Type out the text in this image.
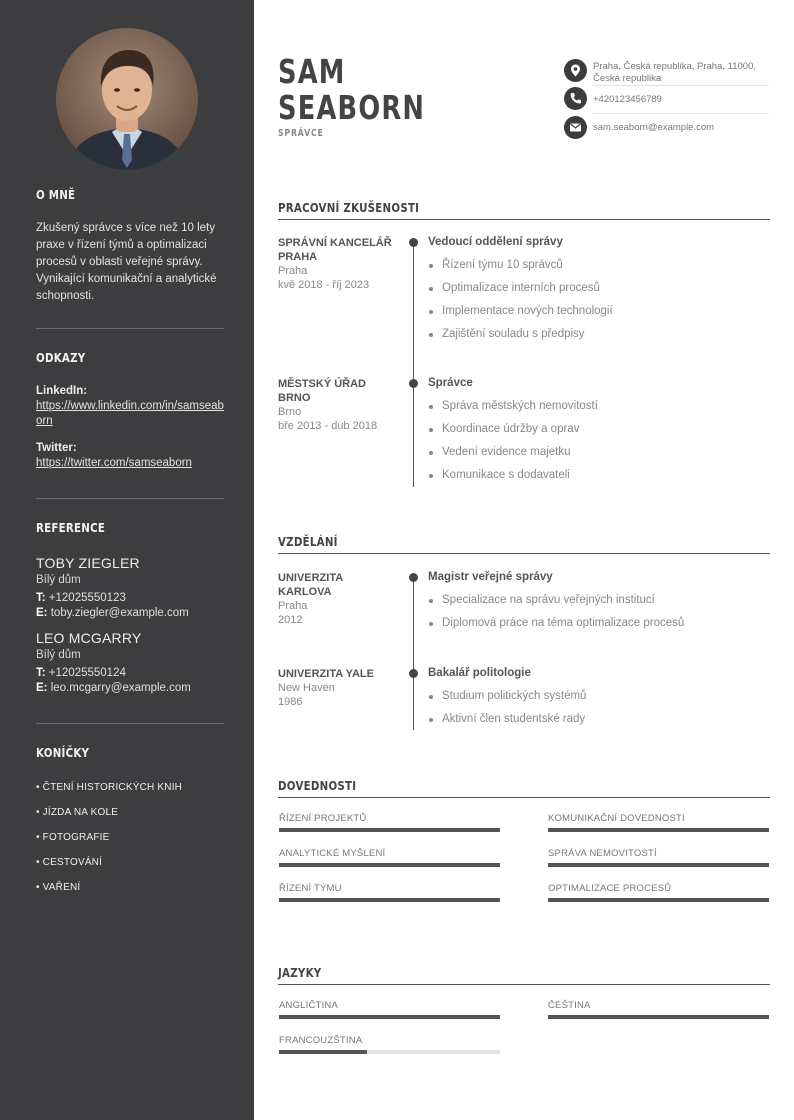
O MNĚ
Zkušený správce s více než 10 lety praxe v řízení týmů a optimalizaci procesů v oblasti veřejné správy. Vynikající komunikační a analytické schopnosti.
ODKAZY
LinkedIn:
https://www.linkedin.com/in/samseaborn
Twitter:
https://twitter.com/samseaborn
REFERENCE
TOBY ZIEGLER
Bílý dům
T: +12025550123
E: toby.ziegler@example.com
LEO MCGARRY
Bílý dům
T: +12025550124
E: leo.mcgarry@example.com
KONÍČKY
• ČTENÍ HISTORICKÝCH KNIH
• JÍZDA NA KOLE
• FOTOGRAFIE
• CESTOVÁNÍ
• VAŘENÍ
SAM
SEABORN
SPRÁVCE
Praha, Česká republika, Praha, 11000, Česká republika
+420123456789
sam.seaborn@example.com
PRACOVNÍ ZKUŠENOSTI
SPRÁVNÍ KANCELÁŘ PRAHA
Praha
kvě 2018 - říj 2023
Vedoucí oddělení správy
Řízení týmu 10 správců
Optimalizace interních procesů
Implementace nových technologií
Zajištění souladu s předpisy
MĚSTSKÝ ÚŘAD BRNO
Brno
bře 2013 - dub 2018
Správce
Správa městských nemovitostí
Koordinace údržby a oprav
Vedení evidence majetku
Komunikace s dodavateli
VZDĚLÁNÍ
UNIVERZITA KARLOVA
Praha
2012
Magistr veřejné správy
Specializace na správu veřejných institucí
Diplomová práce na téma optimalizace procesů
UNIVERZITA YALE
New Haven
1986
Bakalář politologie
Studium politických systémů
Aktivní člen studentské rady
DOVEDNOSTI
ŘÍZENÍ PROJEKTŮ	KOMUNIKAČNÍ DOVEDNOSTI
ANALYTICKÉ MYŠLENÍ	SPRÁVA NEMOVITOSTÍ
ŘÍZENÍ TÝMU	OPTIMALIZACE PROCESŮ
JAZYKY
ANGLIČTINA	ČEŠTINA
FRANCOUZŠTINA
